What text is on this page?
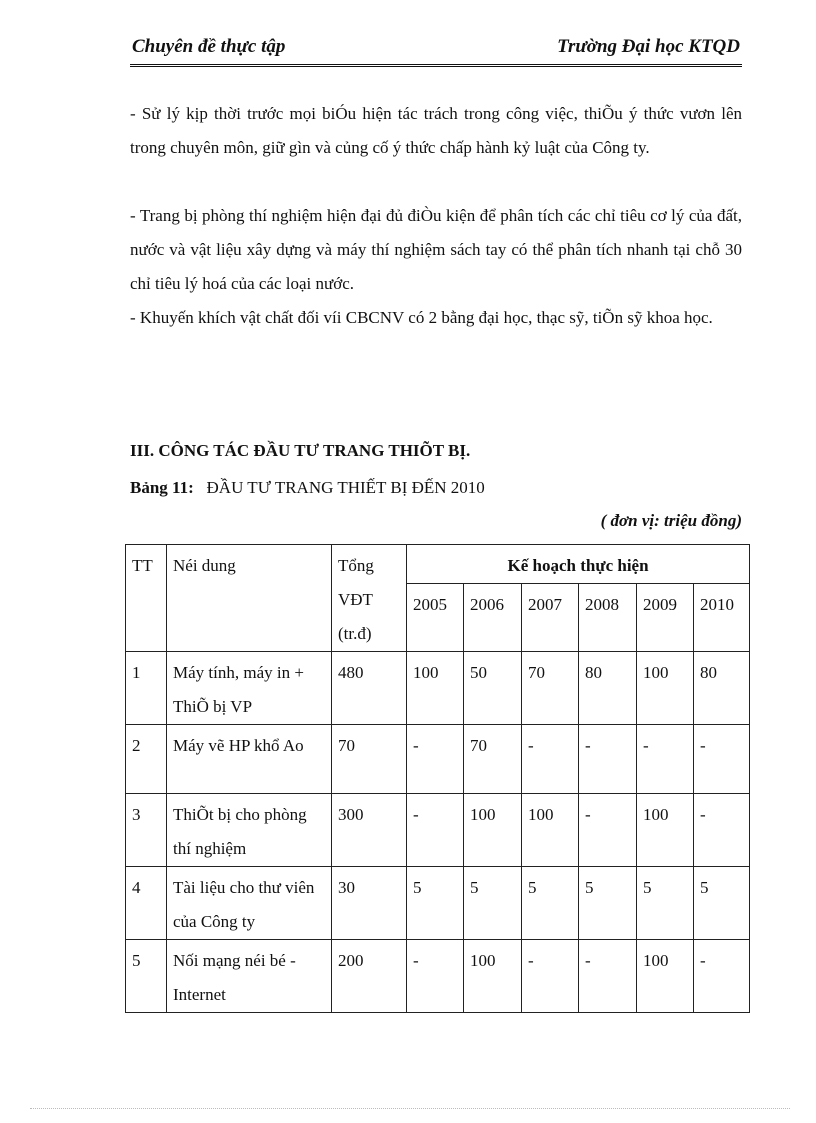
Chuyên đề thực tập	Trường Đại học KTQD

- Sử lý kịp thời trước mọi biÓu hiện tác trách trong công việc, thiÕu ý thức vươn lên trong chuyên môn, giữ gìn và củng cố ý thức chấp hành kỷ luật của Công ty.

- Trang bị phòng thí nghiệm hiện đại đủ điÒu kiện để phân tích các chỉ tiêu cơ lý của đất, nước và vật liệu xây dựng và máy thí nghiệm sách tay có thể phân tích nhanh tại chỗ 30 chỉ tiêu lý hoá của các loại nước.

- Khuyến khích vật chất đối víi CBCNV có 2 bằng đại học, thạc sỹ, tiÕn sỹ khoa học.

III. CÔNG TÁC ĐẦU TƯ TRANG THIÕT BỊ.
Bảng 11: ĐẦU TƯ TRANG THIẾT BỊ ĐẾN 2010
( đơn vị: triệu đồng)
TT	Néi dung	Tổng
VĐT
(tr.đ)	Kế hoạch thực hiện					
			2005	2006	2007	2008	2009	2010
1	Máy tính, máy in + ThiÕ bị VP	480	100	50	70	80	100	80
2	Máy vẽ HP khổ Ao	70	-	70	-	-	-	-
3	ThiÕt bị cho phòng thí nghiệm	300	-	100	100	-	100	-
4	Tài liệu cho thư viên của Công ty	30	5	5	5	5	5	5
5	Nối mạng néi bé - Internet	200	-	100	-	-	100	-
